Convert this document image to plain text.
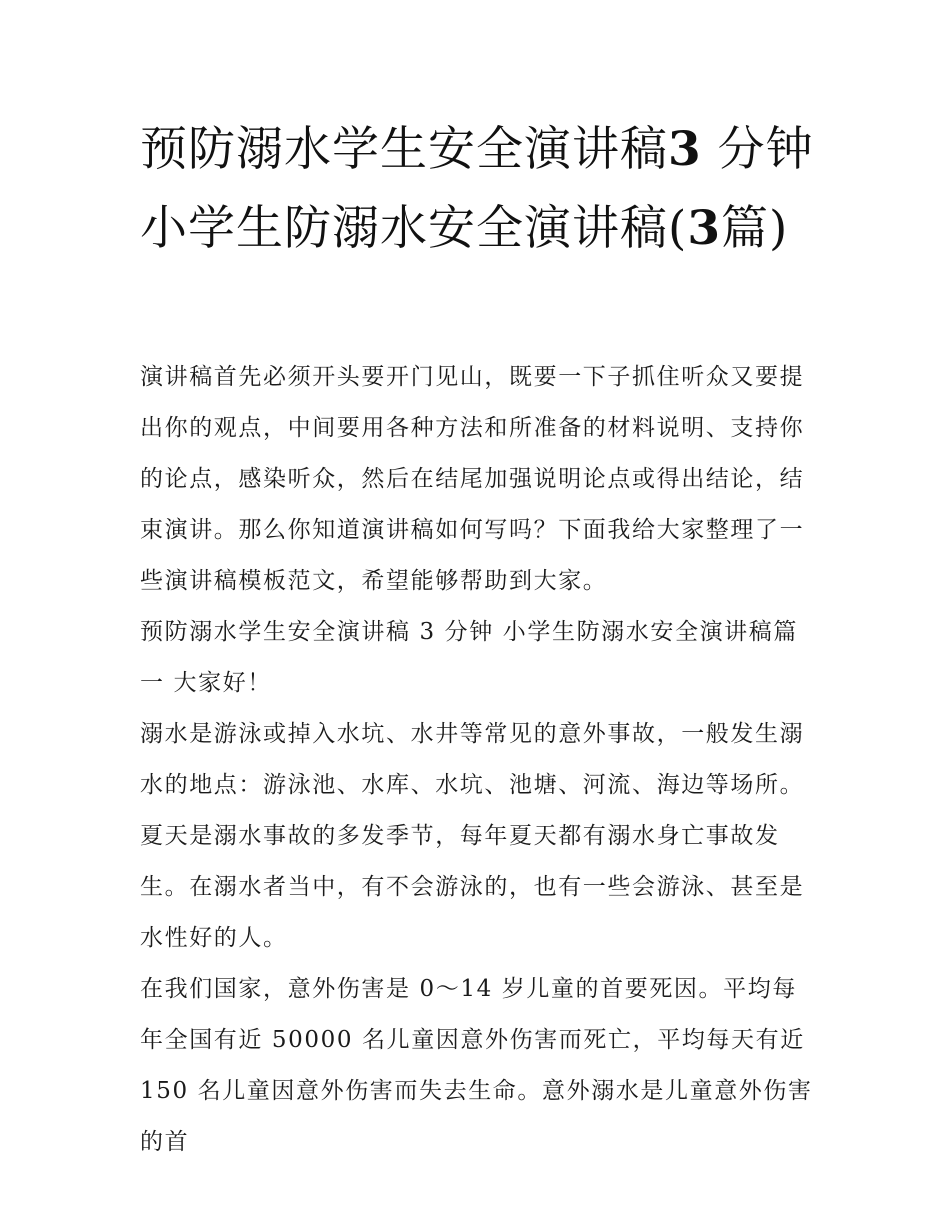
预防溺水学生安全演讲稿3 分钟 小学生防溺水安全演讲稿(3篇)

演讲稿首先必须开头要开门见山，既要一下子抓住听众又要提出你的观点，中间要用各种方法和所准备的材料说明、支持你的论点，感染听众，然后在结尾加强说明论点或得出结论，结束演讲。那么你知道演讲稿如何写吗？下面我给大家整理了一些演讲稿模板范文，希望能够帮助到大家。

预防溺水学生安全演讲稿 3 分钟 小学生防溺水安全演讲稿篇一 大家好！

溺水是游泳或掉入水坑、水井等常见的意外事故，一般发生溺水的地点：游泳池、水库、水坑、池塘、河流、海边等场所。夏天是溺水事故的多发季节，每年夏天都有溺水身亡事故发生。在溺水者当中，有不会游泳的，也有一些会游泳、甚至是水性好的人。

在我们国家，意外伤害是 0～14 岁儿童的首要死因。平均每年全国有近 50000 名儿童因意外伤害而死亡，平均每天有近 150 名儿童因意外伤害而失去生命。意外溺水是儿童意外伤害的首
